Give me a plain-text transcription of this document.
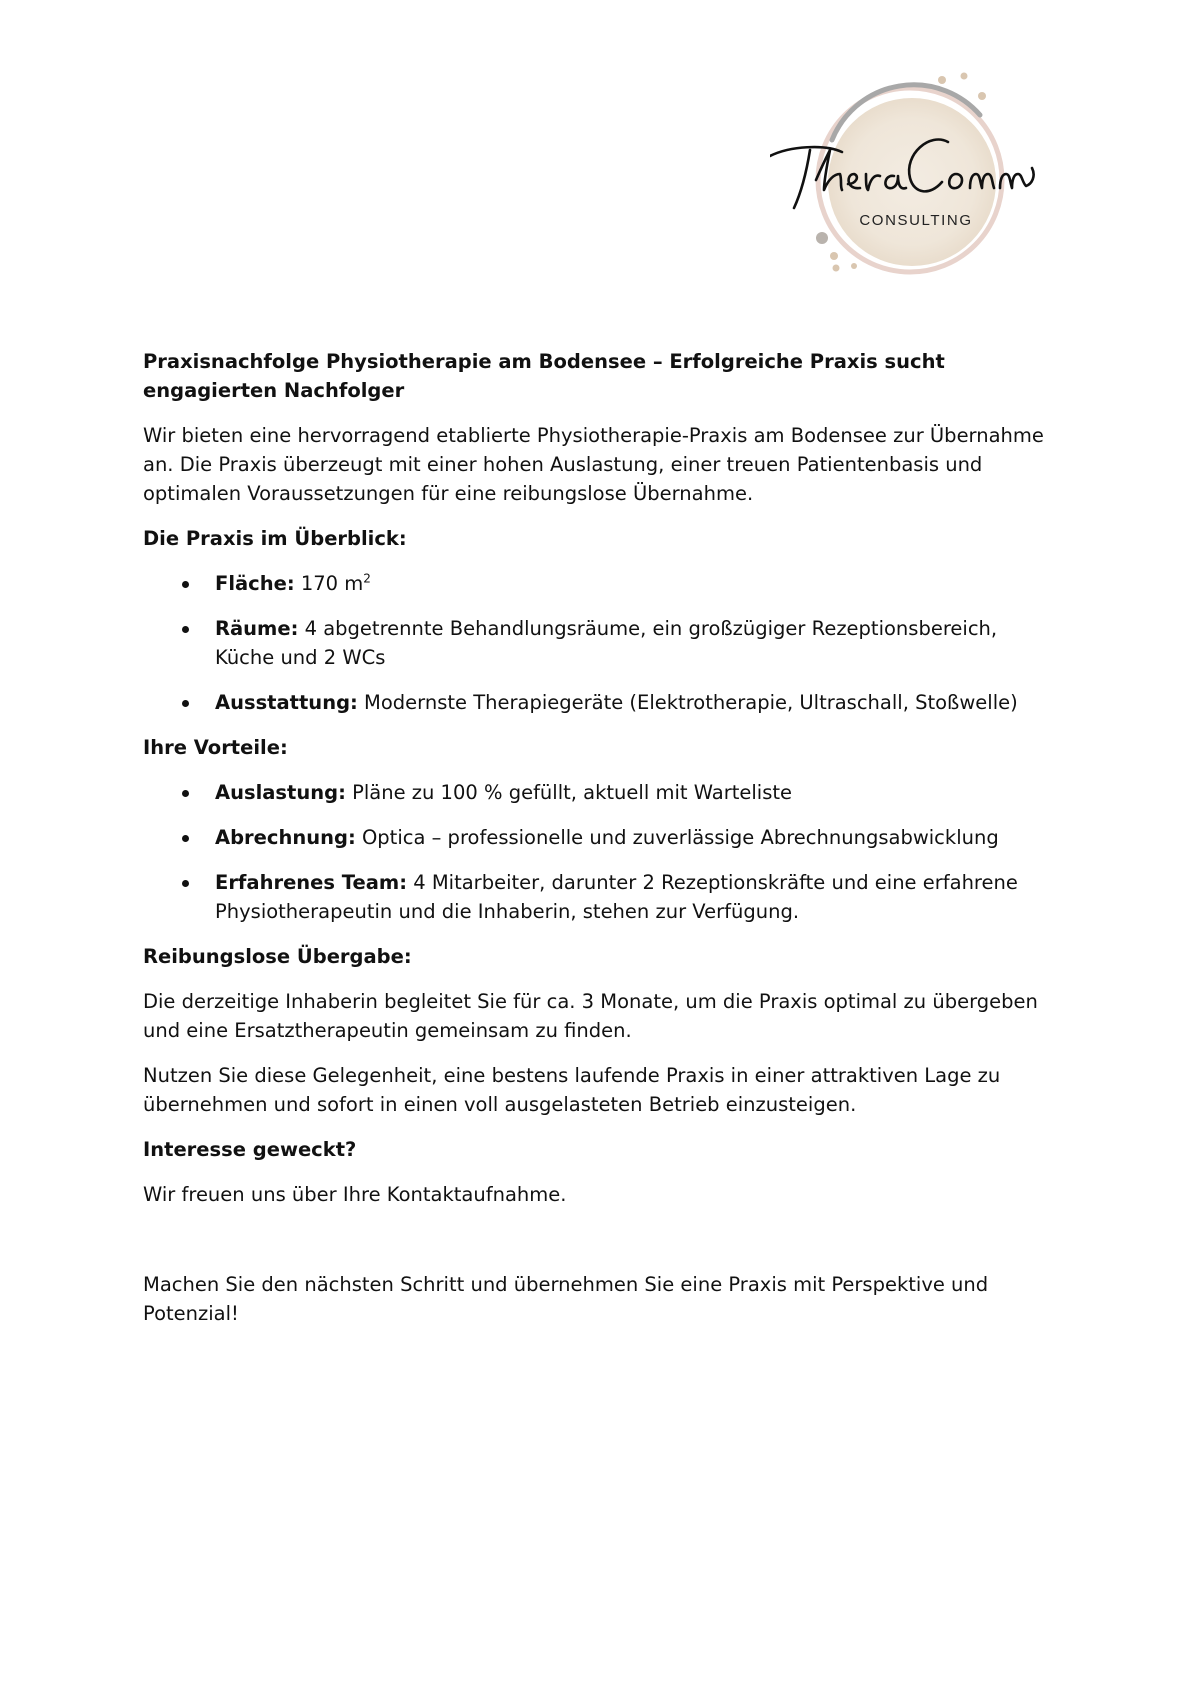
CONSULTING

Praxisnachfolge Physiotherapie am Bodensee – Erfolgreiche Praxis sucht engagierten Nachfolger

Wir bieten eine hervorragend etablierte Physiotherapie-Praxis am Bodensee zur Übernahme an. Die Praxis überzeugt mit einer hohen Auslastung, einer treuen Patientenbasis und optimalen Voraussetzungen für eine reibungslose Übernahme.

Die Praxis im Überblick:

Fläche: 170 $m^2$
Räume: 4 abgetrennte Behandlungsräume, ein großzügiger Rezeptionsbereich, Küche und 2 WCs
Ausstattung: Modernste Therapiegeräte (Elektrotherapie, Ultraschall, Stoßwelle)

Ihre Vorteile:

Auslastung: Pläne zu 100 % gefüllt, aktuell mit Warteliste
Abrechnung: Optica – professionelle und zuverlässige Abrechnungsabwicklung
Erfahrenes Team: 4 Mitarbeiter, darunter 2 Rezeptionskräfte und eine erfahrene Physiotherapeutin und die Inhaberin, stehen zur Verfügung.

Reibungslose Übergabe:

Die derzeitige Inhaberin begleitet Sie für ca. 3 Monate, um die Praxis optimal zu übergeben und eine Ersatztherapeutin gemeinsam zu finden.

Nutzen Sie diese Gelegenheit, eine bestens laufende Praxis in einer attraktiven Lage zu übernehmen und sofort in einen voll ausgelasteten Betrieb einzusteigen.

Interesse geweckt?

Wir freuen uns über Ihre Kontaktaufnahme.

Machen Sie den nächsten Schritt und übernehmen Sie eine Praxis mit Perspektive und Potenzial!
